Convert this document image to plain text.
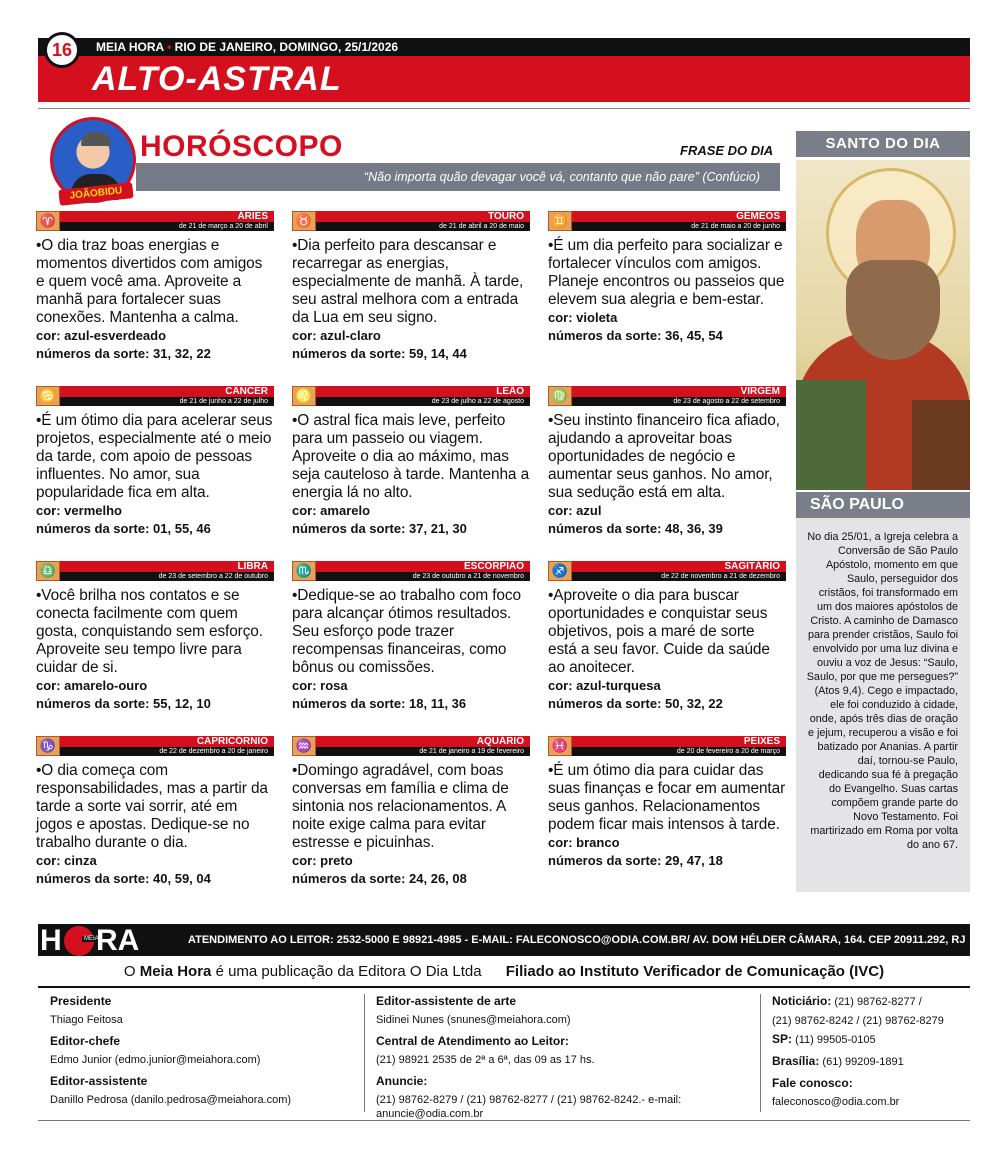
16	MEIA HORA • RIO DE JANEIRO, DOMINGO, 25/1/2026
ALTO-ASTRAL
JOÃOBIDU
HORÓSCOPO	FRASE DO DIA
“Não importa quão devagar você vá, contanto que não pare” (Confúcio)
ÁRIES
de 21 de março a 20 de abril
♈
•O dia traz boas energias e momentos divertidos com amigos e quem você ama. Aproveite a manhã para fortalecer suas conexões. Mantenha a calma.
cor: azul-esverdeado
números da sorte: 31, 32, 22
TOURO
de 21 de abril a 20 de maio
♉
•Dia perfeito para descansar e recarregar as energias, especialmente de manhã. À tarde, seu astral melhora com a entrada da Lua em seu signo.
cor: azul-claro
números da sorte: 59, 14, 44
GÊMEOS
de 21 de maio a 20 de junho
♊
•É um dia perfeito para socializar e fortalecer vínculos com amigos. Planeje encontros ou passeios que elevem sua alegria e bem-estar.
cor: violeta
números da sorte: 36, 45, 54
CÂNCER
de 21 de junho a 22 de julho
♋
•É um ótimo dia para acelerar seus projetos, especialmente até o meio da tarde, com apoio de pessoas influentes. No amor, sua popularidade fica em alta.
cor: vermelho
números da sorte: 01, 55, 46
LEÃO
de 23 de julho a 22 de agosto
♌
•O astral fica mais leve, perfeito para um passeio ou viagem. Aproveite o dia ao máximo, mas seja cauteloso à tarde. Mantenha a energia lá no alto.
cor: amarelo
números da sorte: 37, 21, 30
VIRGEM
de 23 de agosto a 22 de setembro
♍
•Seu instinto financeiro fica afiado, ajudando a aproveitar boas oportunidades de negócio e aumentar seus ganhos. No amor, sua sedução está em alta.
cor: azul
números da sorte: 48, 36, 39
LIBRA
de 23 de setembro a 22 de outubro
♎
•Você brilha nos contatos e se conecta facilmente com quem gosta, conquistando sem esforço. Aproveite seu tempo livre para cuidar de si.
cor: amarelo-ouro
números da sorte: 55, 12, 10
ESCORPIÃO
de 23 de outubro a 21 de novembro
♏
•Dedique-se ao trabalho com foco para alcançar ótimos resultados. Seu esforço pode trazer recompensas financeiras, como bônus ou comissões.
cor: rosa
números da sorte: 18, 11, 36
SAGITÁRIO
de 22 de novembro a 21 de dezembro
♐
•Aproveite o dia para buscar oportunidades e conquistar seus objetivos, pois a maré de sorte está a seu favor. Cuide da saúde ao anoitecer.
cor: azul-turquesa
números da sorte: 50, 32, 22
CAPRICÓRNIO
de 22 de dezembro a 20 de janeiro
♑
•O dia começa com responsabilidades, mas a partir da tarde a sorte vai sorrir, até em jogos e apostas. Dedique-se no trabalho durante o dia.
cor: cinza
números da sorte: 40, 59, 04
AQUÁRIO
de 21 de janeiro a 19 de fevereiro
♒
•Domingo agradável, com boas conversas em família e clima de sintonia nos relacionamentos. A noite exige calma para evitar estresse e picuinhas.
cor: preto
números da sorte: 24, 26, 08
PEIXES
de 20 de fevereiro a 20 de março
♓
•É um ótimo dia para cuidar das suas finanças e focar em aumentar seus ganhos. Relacionamentos podem ficar mais intensos à tarde.
cor: branco
números da sorte: 29, 47, 18
SANTO DO DIA
SÃO PAULO
No dia 25/01, a Igreja celebra a Conversão de São Paulo Apóstolo, momento em que Saulo, perseguidor dos cristãos, foi transformado em um dos maiores apóstolos de Cristo. A caminho de Damasco para prender cristãos, Saulo foi envolvido por uma luz divina e ouviu a voz de Jesus: “Saulo, Saulo, por que me persegues?” (Atos 9,4). Cego e impactado, ele foi conduzido à cidade, onde, após três dias de oração e jejum, recuperou a visão e foi batizado por Ananias. A partir daí, tornou-se Paulo, dedicando sua fé à pregação do Evangelho. Suas cartas compõem grande parte do Novo Testamento. Foi martirizado em Roma por volta do ano 67.
ATENDIMENTO AO LEITOR: 2532-5000 E 98921-4985 - E-MAIL: FALECONOSCO@ODIA.COM.BR/ AV. DOM HÉLDER CÂMARA, 164. CEP 20911.292, RJ
H	MEIA
RA
O Meia Hora é uma publicação da Editora O Dia Ltda Filiado ao Instituto Verificador de Comunicação (IVC)
Presidente
Thiago Feitosa
Editor-chefe
Edmo Junior (edmo.junior@meiahora.com)
Editor-assistente
Danillo Pedrosa (danilo.pedrosa@meiahora.com)
Editor-assistente de arte
Sidinei Nunes (snunes@meiahora.com)
Central de Atendimento ao Leitor:
(21) 98921 2535 de 2ª a 6ª, das 09 as 17 hs.
Anuncie:
(21) 98762-8279 / (21) 98762-8277 / (21) 98762-8242.- e-mail: anuncie@odia.com.br
Noticiário: (21) 98762-8277 /
(21) 98762-8242 / (21) 98762-8279
SP: (11) 99505-0105
Brasília: (61) 99209-1891
Fale conosco:
faleconosco@odia.com.br
